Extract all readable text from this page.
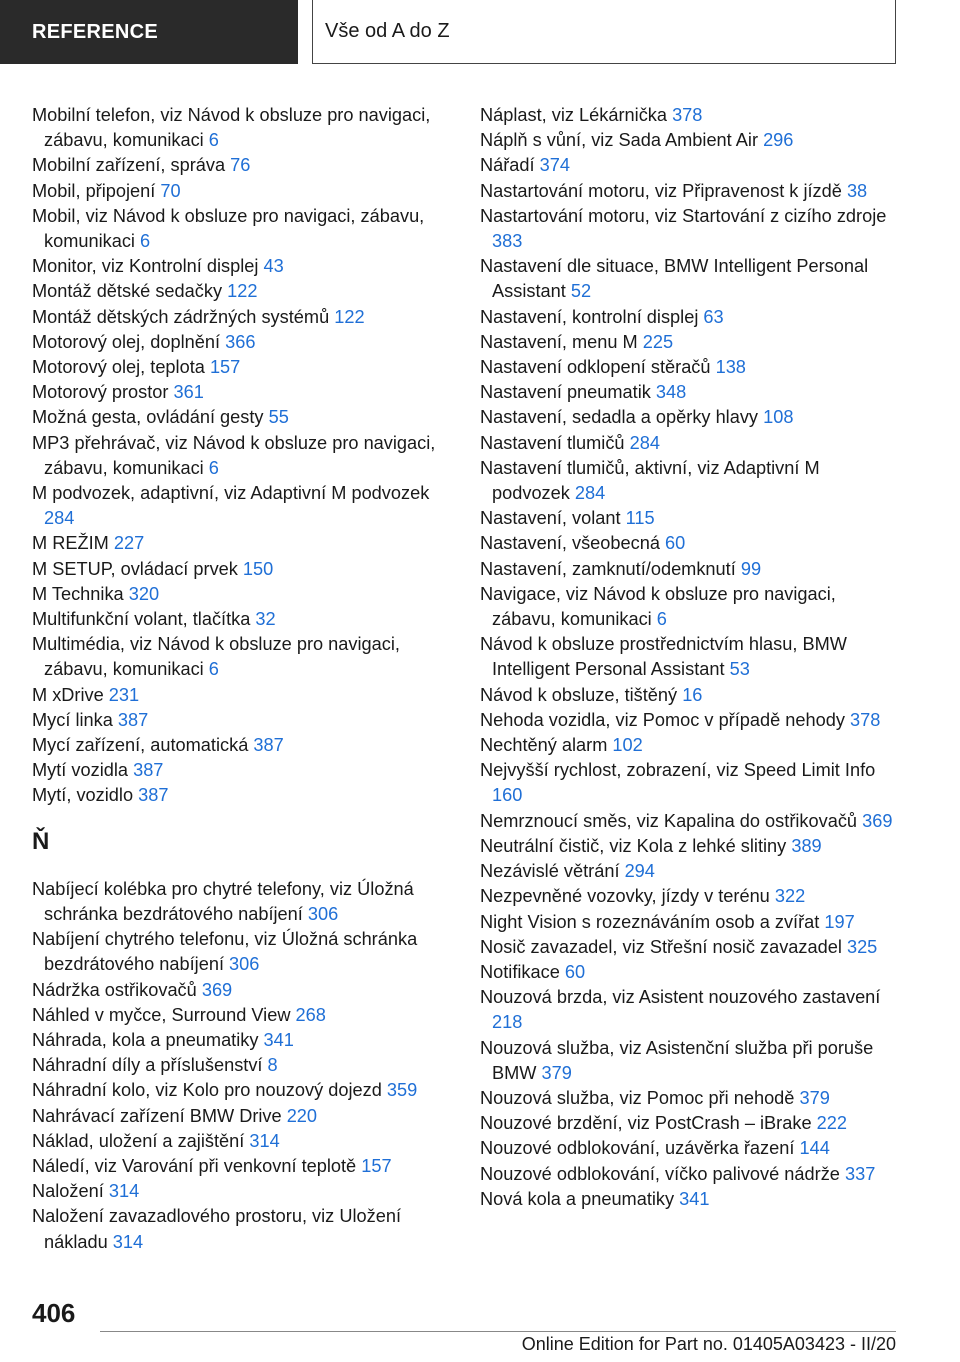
REFERENCE	Vše od A do Z

Mobilní telefon, viz Návod k obsluze pro navigaci, zábavu, komunikaci 6

Mobilní zařízení, správa 76

Mobil, připojení 70

Mobil, viz Návod k obsluze pro navigaci, zábavu, komunikaci 6

Monitor, viz Kontrolní displej 43

Montáž dětské sedačky 122

Montáž dětských zádržných systémů 122

Motorový olej, doplnění 366

Motorový olej, teplota 157

Motorový prostor 361

Možná gesta, ovládání gesty 55

MP3 přehrávač, viz Návod k obsluze pro navigaci, zábavu, komunikaci 6

M podvozek, adaptivní, viz Adaptivní M podvozek 284

M REŽIM 227

M SETUP, ovládací prvek 150

M Technika 320

Multifunkční volant, tlačítka 32

Multimédia, viz Návod k obsluze pro navigaci, zábavu, komunikaci 6

M xDrive 231

Mycí linka 387

Mycí zařízení, automatická 387

Mytí vozidla 387

Mytí, vozidlo 387

Ň

Nabíjecí kolébka pro chytré telefony, viz Úložná schránka bezdrátového nabíjení 306

Nabíjení chytrého telefonu, viz Úložná schránka bezdrátového nabíjení 306

Nádržka ostřikovačů 369

Náhled v myčce, Surround View 268

Náhrada, kola a pneumatiky 341

Náhradní díly a příslušenství 8

Náhradní kolo, viz Kolo pro nouzový dojezd 359

Nahrávací zařízení BMW Drive 220

Náklad, uložení a zajištění 314

Náledí, viz Varování při venkovní teplotě 157

Naložení 314

Naložení zavazadlového prostoru, viz Uložení nákladu 314

Náplast, viz Lékárnička 378

Náplň s vůní, viz Sada Ambient Air 296

Nářadí 374

Nastartování motoru, viz Připravenost k jízdě 38

Nastartování motoru, viz Startování z cizího zdroje 383

Nastavení dle situace, BMW Intelligent Personal Assistant 52

Nastavení, kontrolní displej 63

Nastavení, menu M 225

Nastavení odklopení stěračů 138

Nastavení pneumatik 348

Nastavení, sedadla a opěrky hlavy 108

Nastavení tlumičů 284

Nastavení tlumičů, aktivní, viz Adaptivní M podvozek 284

Nastavení, volant 115

Nastavení, všeobecná 60

Nastavení, zamknutí/odemknutí 99

Navigace, viz Návod k obsluze pro navigaci, zábavu, komunikaci 6

Návod k obsluze prostřednictvím hlasu, BMW Intelligent Personal Assistant 53

Návod k obsluze, tištěný 16

Nehoda vozidla, viz Pomoc v případě nehody 378

Nechtěný alarm 102

Nejvyšší rychlost, zobrazení, viz Speed Limit Info 160

Nemrznoucí směs, viz Kapalina do ostřikovačů 369

Neutrální čistič, viz Kola z lehké slitiny 389

Nezávislé větrání 294

Nezpevněné vozovky, jízdy v terénu 322

Night Vision s rozeznáváním osob a zvířat 197

Nosič zavazadel, viz Střešní nosič zavazadel 325

Notifikace 60

Nouzová brzda, viz Asistent nouzového zastavení 218

Nouzová služba, viz Asistenční služba při poruše BMW 379

Nouzová služba, viz Pomoc při nehodě 379

Nouzové brzdění, viz PostCrash – iBrake 222

Nouzové odblokování, uzávěrka řazení 144

Nouzové odblokování, víčko palivové nádrže 337

Nová kola a pneumatiky 341

406
Online Edition for Part no. 01405A03423 - II/20
